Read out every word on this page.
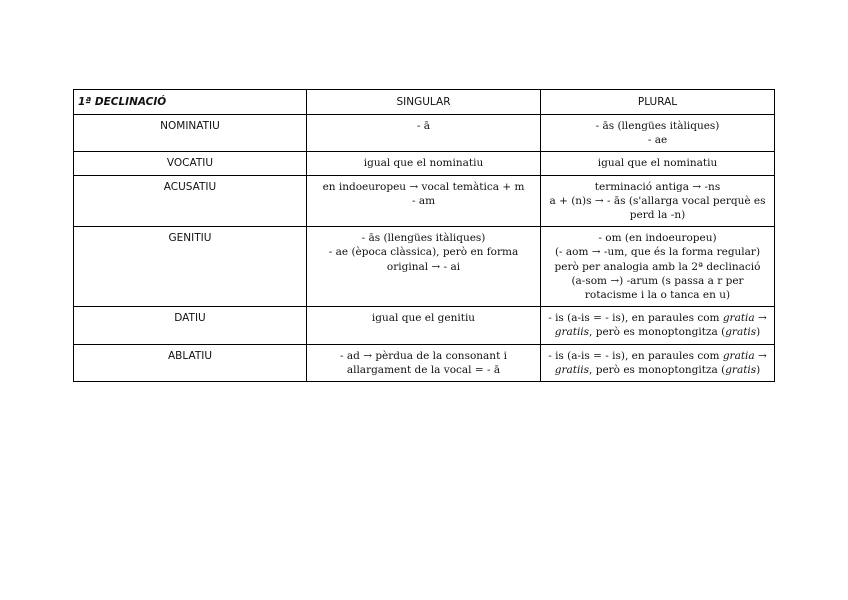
1ª DECLINACIÓ	SINGULAR	PLURAL
NOMINATIU	- ā	- ās (llengües itàliques)
- ae

VOCATIU	igual que el nominatiu	igual que el nominatiu

ACUSATIU	en indoeuropeu → vocal temàtica + m
- am	terminació antiga → -ns
a + (n)s → - ās (s'allarga vocal perquè es
perd la -n)

GENITIU	- ās (llengües itàliques)
- ae (època clàssica), però en forma
original → - ai	- om (en indoeuropeu)
(- aom → -um, que és la forma regular)
però per analogia amb la 2ª declinació
(a-som →) -arum (s passa a r per
rotacisme i la o tanca en u)

DATIU	igual que el genitiu	- is (a-is = - is), en paraules com gratia →
gratiis, però es monoptongitza (gratis)

ABLATIU	- ad → pèrdua de la consonant i
allargament de la vocal = - ā	- is (a-is = - is), en paraules com gratia →
gratiis, però es monoptongitza (gratis)
